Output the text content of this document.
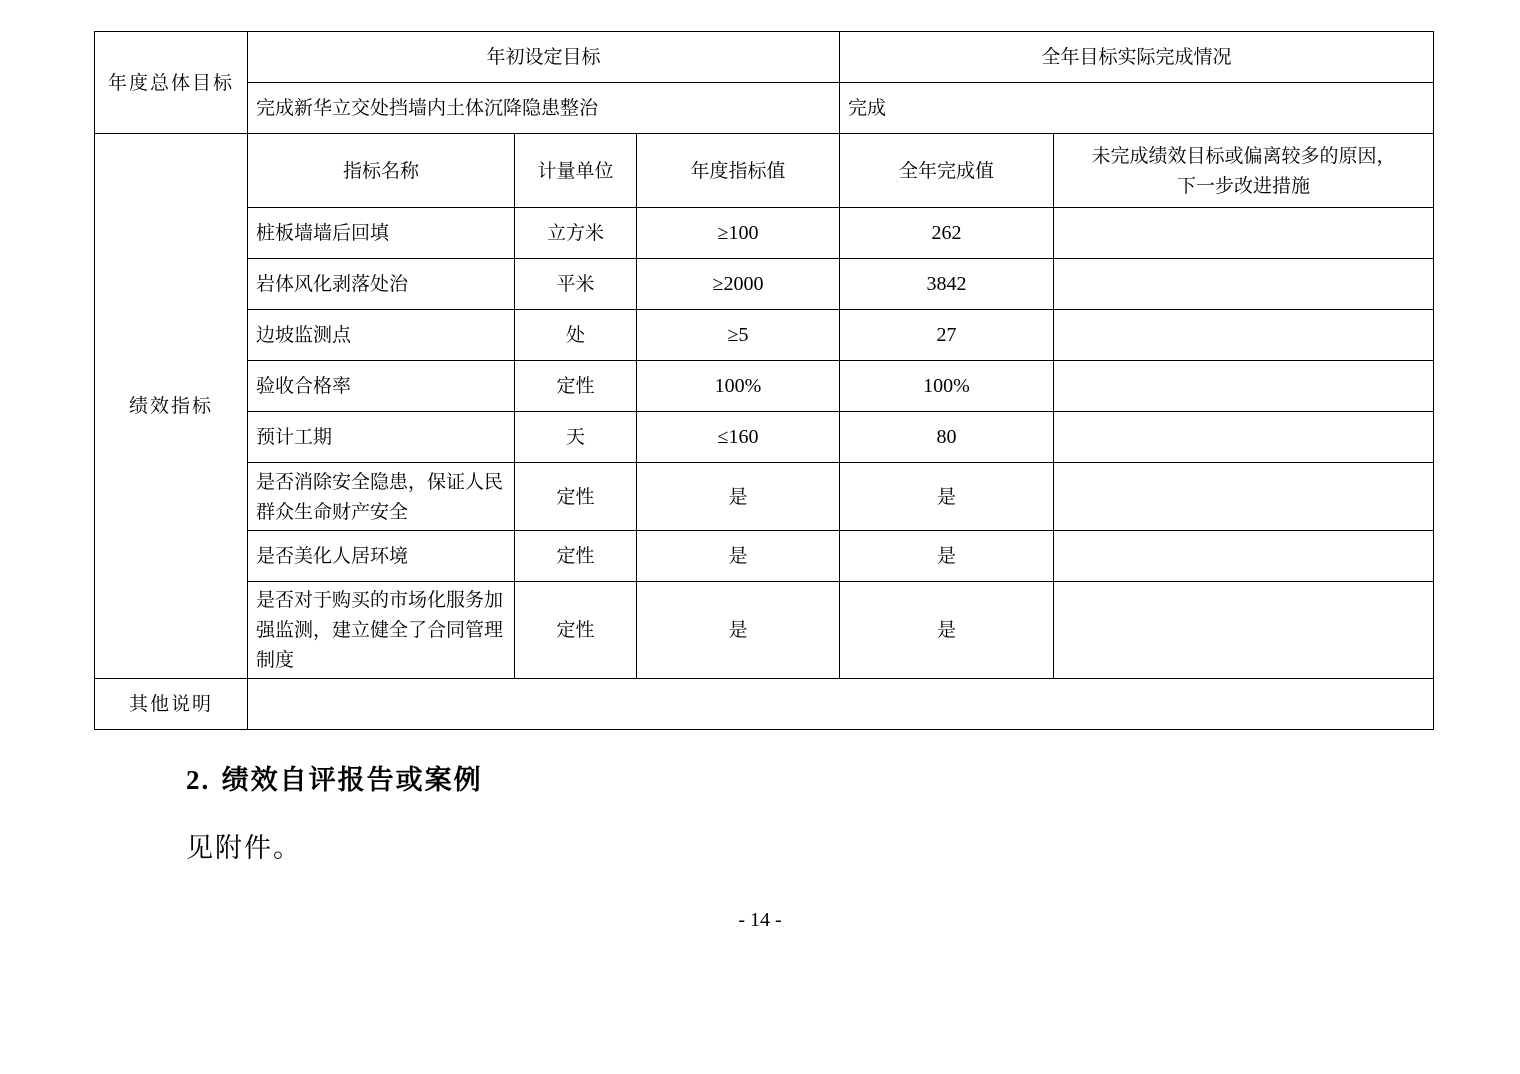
年度总体目标	年初设定目标			全年目标实际完成情况	
	完成新华立交处挡墙内土体沉降隐患整治			完成	
绩效指标	指标名称	计量单位	年度指标值	全年完成值	未完成绩效目标或偏离较多的原因，
下一步改进措施

	桩板墙墙后回填	立方米	≥100	262	
	岩体风化剥落处治	平米	≥2000	3842	
	边坡监测点	处	≥5	27	
	验收合格率	定性	100%	100%	
	预计工期	天	≤160	80	
	是否消除安全隐患，保证人民群众生命财产安全	定性	是	是	
	是否美化人居环境	定性	是	是	
	是否对于购买的市场化服务加强监测，建立健全了合同管理制度	定性	是	是	
其他说明					
2. 绩效自评报告或案例
见附件。
- 14 -
